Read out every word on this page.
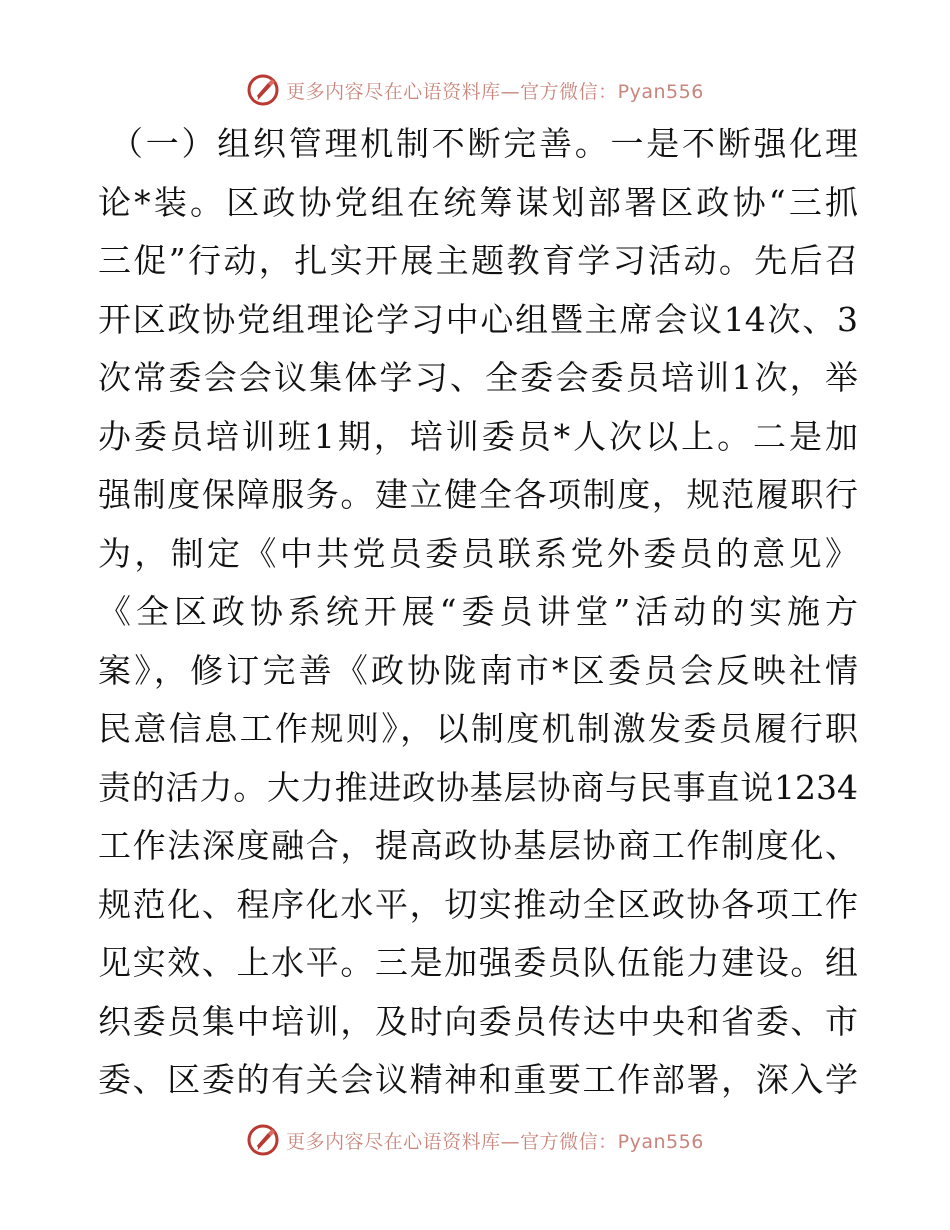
更多内容尽在心语资料库—官方微信：Pyan556
（一）组织管理机制不断完善。一是不断强化理
论*装。区政协党组在统筹谋划部署区政协“三抓
三促”行动，扎实开展主题教育学习活动。先后召
开区政协党组理论学习中心组暨主席会议14次、3
次常委会会议集体学习、全委会委员培训1次，举
办委员培训班1期，培训委员*人次以上。二是加
强制度保障服务。建立健全各项制度，规范履职行
为，制定《中共党员委员联系党外委员的意见》
《全区政协系统开展“委员讲堂”活动的实施方
案》，修订完善《政协陇南市*区委员会反映社情
民意信息工作规则》，以制度机制激发委员履行职
责的活力。大力推进政协基层协商与民事直说1234
工作法深度融合，提高政协基层协商工作制度化、
规范化、程序化水平，切实推动全区政协各项工作
见实效、上水平。三是加强委员队伍能力建设。组
织委员集中培训，及时向委员传达中央和省委、市
委、区委的有关会议精神和重要工作部署，深入学
更多内容尽在心语资料库—官方微信：Pyan556
